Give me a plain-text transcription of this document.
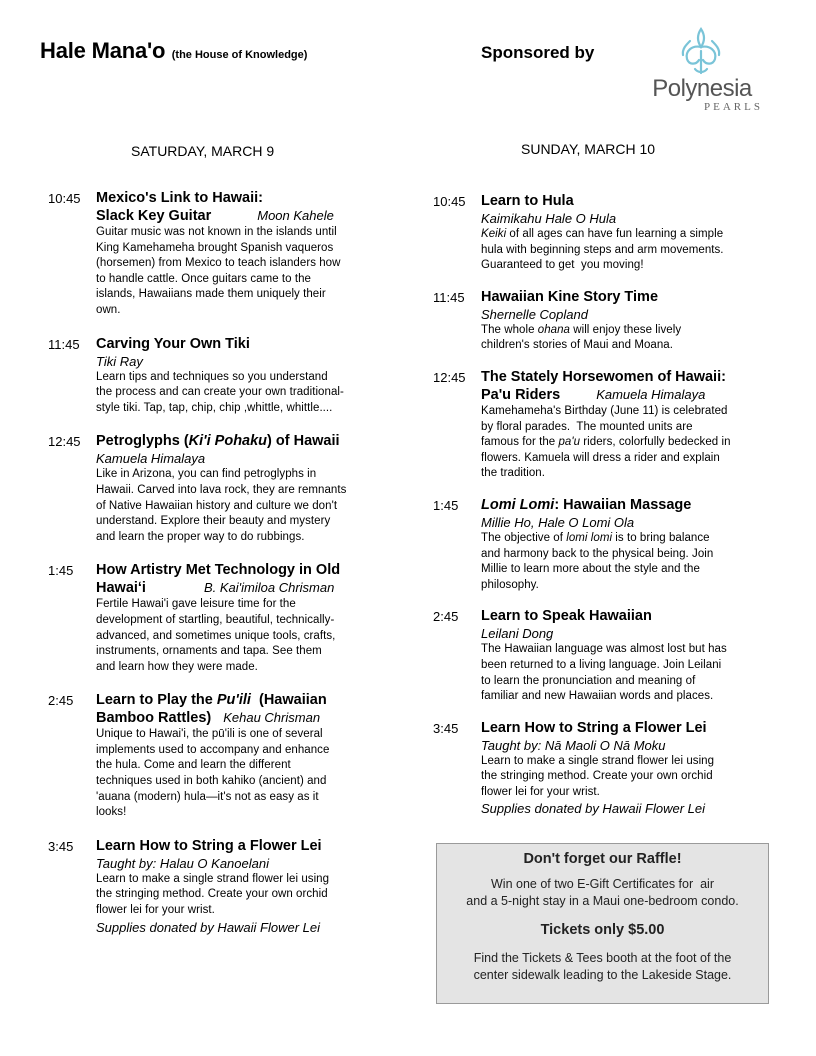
Hale Mana'o (the House of Knowledge)	Sponsored by
Polynesia
PEARLS
SATURDAY, MARCH 9	SUNDAY, MARCH 10
10:45 Mexico's Link to Hawaii:
Slack Key Guitar	Moon Kahele
Guitar music was not known in the islands until
King Kamehameha brought Spanish vaqueros
(horsemen) from Mexico to teach islanders how
to handle cattle. Once guitars came to the
islands, Hawaiians made them uniquely their
own.
11:45 Carving Your Own Tiki
Tiki Ray
Learn tips and techniques so you understand
the process and can create your own traditional-
style tiki. Tap, tap, chip, chip ,whittle, whittle....
12:45 Petroglyphs (Ki'i Pohaku) of Hawaii
Kamuela Himalaya
Like in Arizona, you can find petroglyphs in
Hawaii. Carved into lava rock, they are remnants
of Native Hawaiian history and culture we don't
understand. Explore their beauty and mystery
and learn the proper way to do rubbings.
1:45 How Artistry Met Technology in Old
Hawaiʻi	B. Kai'imiloa Chrisman
Fertile Hawai'i gave leisure time for the
development of startling, beautiful, technically-
advanced, and sometimes unique tools, crafts,
instruments, ornaments and tapa. See them
and learn how they were made.
2:45 Learn to Play the Pu'ili  (Hawaiian
Bamboo Rattles) Kehau Chrisman
Unique to Hawai'i, the pū'ili is one of several
implements used to accompany and enhance
the hula. Come and learn the different
techniques used in both kahiko (ancient) and
'auana (modern) hula—it's not as easy as it
looks!
3:45 Learn How to String a Flower Lei
Taught by: Halau O Kanoelani
Learn to make a single strand flower lei using
the stringing method. Create your own orchid
flower lei for your wrist.
Supplies donated by Hawaii Flower Lei
10:45 Learn to Hula
Kaimikahu Hale O Hula
Keiki of all ages can have fun learning a simple
hula with beginning steps and arm movements.
Guaranteed to get  you moving!
11:45 Hawaiian Kine Story Time
Shernelle Copland
The whole ohana will enjoy these lively
children's stories of Maui and Moana.
12:45 The Stately Horsewomen of Hawaii:
Pa'u Riders	Kamuela Himalaya
Kamehameha's Birthday (June 11) is celebrated
by floral parades.  The mounted units are
famous for the pa'u riders, colorfully bedecked in
flowers. Kamuela will dress a rider and explain
the tradition.
1:45 Lomi Lomi: Hawaiian Massage
Millie Ho, Hale O Lomi Ola
The objective of lomi lomi is to bring balance
and harmony back to the physical being. Join
Millie to learn more about the style and the
philosophy.
2:45 Learn to Speak Hawaiian
Leilani Dong
The Hawaiian language was almost lost but has
been returned to a living language. Join Leilani
to learn the pronunciation and meaning of
familiar and new Hawaiian words and places.
3:45 Learn How to String a Flower Lei
Taught by: Nā Maoli O Nā Moku
Learn to make a single strand flower lei using
the stringing method. Create your own orchid
flower lei for your wrist.
Supplies donated by Hawaii Flower Lei
Don't forget our Raffle!
Win one of two E-Gift Certificates for  air
and a 5-night stay in a Maui one-bedroom condo.
Tickets only $5.00
Find the Tickets & Tees booth at the foot of the
center sidewalk leading to the Lakeside Stage.
